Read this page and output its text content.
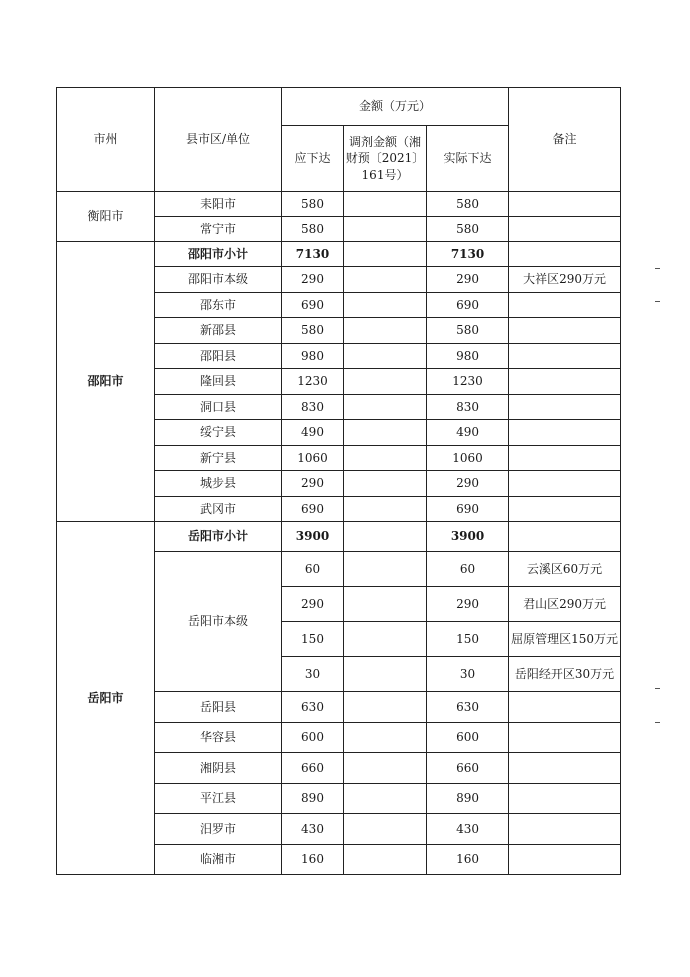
市州	县市区/单位	金额（万元）			备注
		应下达	调剂金额（湘财预〔2021〕161号）	实际下达	
衡阳市	耒阳市	580		580	
	常宁市	580		580	
邵阳市	邵阳市小计	7130		7130	
	邵阳市本级	290		290	大祥区290万元
	邵东市	690		690	
	新邵县	580		580	
	邵阳县	980		980	
	隆回县	1230		1230	
	洞口县	830		830	
	绥宁县	490		490	
	新宁县	1060		1060	
	城步县	290		290	
	武冈市	690		690	
岳阳市	岳阳市小计	3900		3900	
	岳阳市本级	60		60	云溪区60万元
		290		290	君山区290万元
		150		150	屈原管理区150万元
		30		30	岳阳经开区30万元
	岳阳县	630		630	
	华容县	600		600	
	湘阴县	660		660	
	平江县	890		890	
	汨罗市	430		430	
	临湘市	160		160	
